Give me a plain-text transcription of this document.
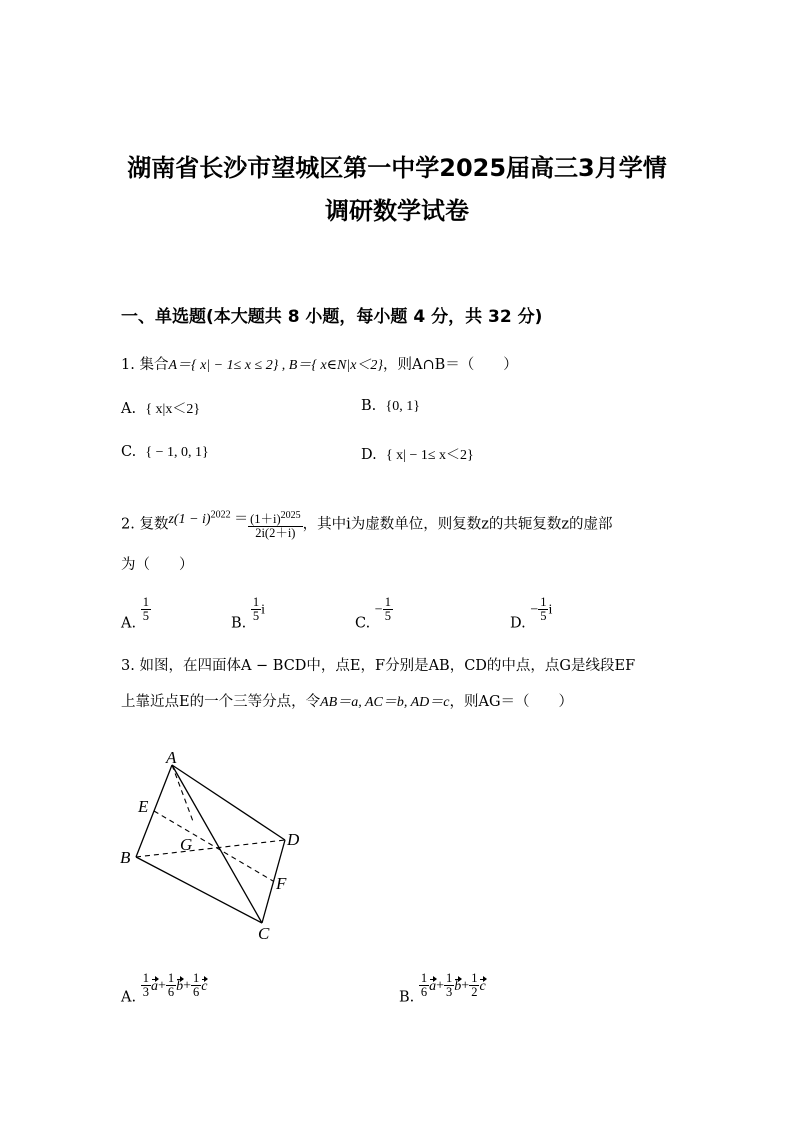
湖南省长沙市望城区第一中学2025届高三3月学情
调研数学试卷
一、单选题(本大题共 8 小题，每小题 4 分，共 32 分)
1. 集合A＝{ x| − 1≤ x ≤ 2} , B＝{ x∈N|x＜2}，则A∩B＝（　　）
A. { x|x＜2}	B. {0, 1}
C. { − 1, 0, 1}	D. { x| − 1≤ x＜2}
2. 复数$z(1 - i)^{2022} = \frac{(1+i)^{2025}}{2i(2+i)}$ ，其中i为虚数单位，则复数z的共轭复数z的虚部
为（　　）
A.
$\frac{1}{5}$
B.
$\frac{1}{5}$ i
C. − $\frac{1}{5}$
D. − $\frac{1}{5}$ i
3. 如图，在四面体A − BCD中，点E，F分别是AB，CD的中点，点G是线段EF
上靠近点E的一个三等分点，令AB＝a, AC＝b, AD＝c，则AG＝（　　）
A
B
C
D
E
F
G
A. $\frac{1}{3} a+ \frac{1}{6} b+ \frac{1}{6}$ c
B. $\frac{1}{6} a+ \frac{1}{3} b+ \frac{1}{2}$ c
